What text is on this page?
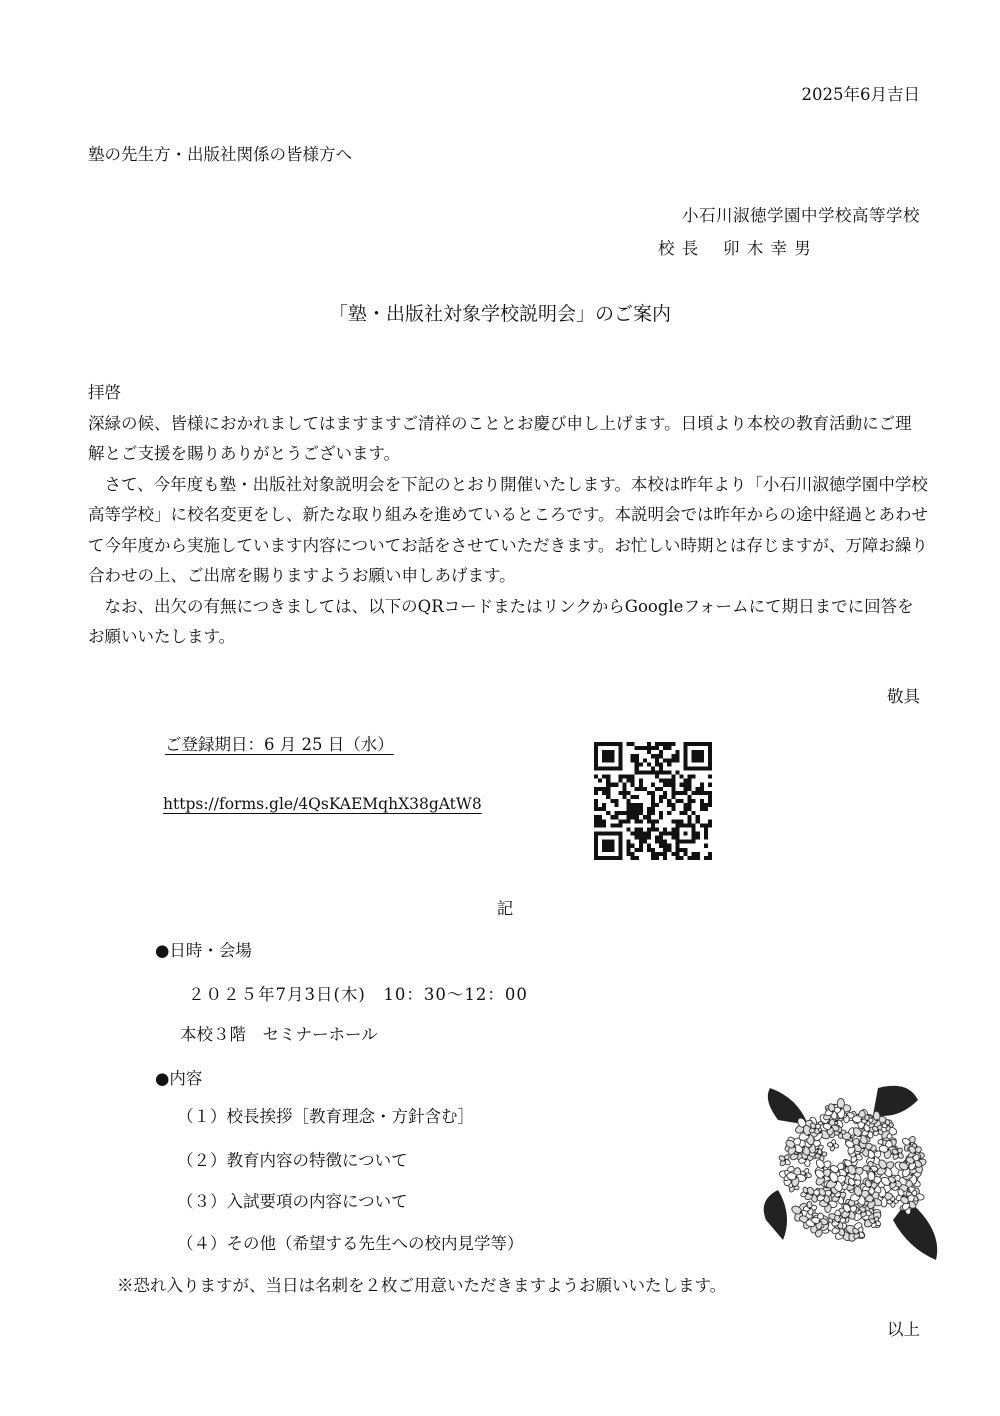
2025年6月吉日
塾の先生方・出版社関係の皆様方へ
小石川淑徳学園中学校高等学校
校 長　 卯 木 幸 男
「塾・出版社対象学校説明会」のご案内

拝啓

深緑の候、皆様におかれましてはますますご清祥のこととお慶び申し上げます。日頃より本校の教育活動にご理解とご支援を賜りありがとうございます。

さて、今年度も塾・出版社対象説明会を下記のとおり開催いたします。本校は昨年より「小石川淑徳学園中学校高等学校」に校名変更をし、新たな取り組みを進めているところです。本説明会では昨年からの途中経過とあわせて今年度から実施しています内容についてお話をさせていただきます。お忙しい時期とは存じますが、万障お繰り合わせの上、ご出席を賜りますようお願い申しあげます。

なお、出欠の有無につきましては、以下のQRコードまたはリンクからGoogleフォームにて期日までに回答をお願いいたします。

敬具
ご登録期日：6 月 25 日（水）
https://forms.gle/4QsKAEMqhX38gAtW8
記
●日時・会場
２０２５年7月3日(木)　10：30～12：00
本校３階　セミナーホール
●内容
（１）校長挨拶［教育理念・方針含む］
（２）教育内容の特徴について
（３）入試要項の内容について
（４）その他（希望する先生への校内見学等）
※恐れ入りますが、当日は名刺を２枚ご用意いただきますようお願いいたします。
以上
